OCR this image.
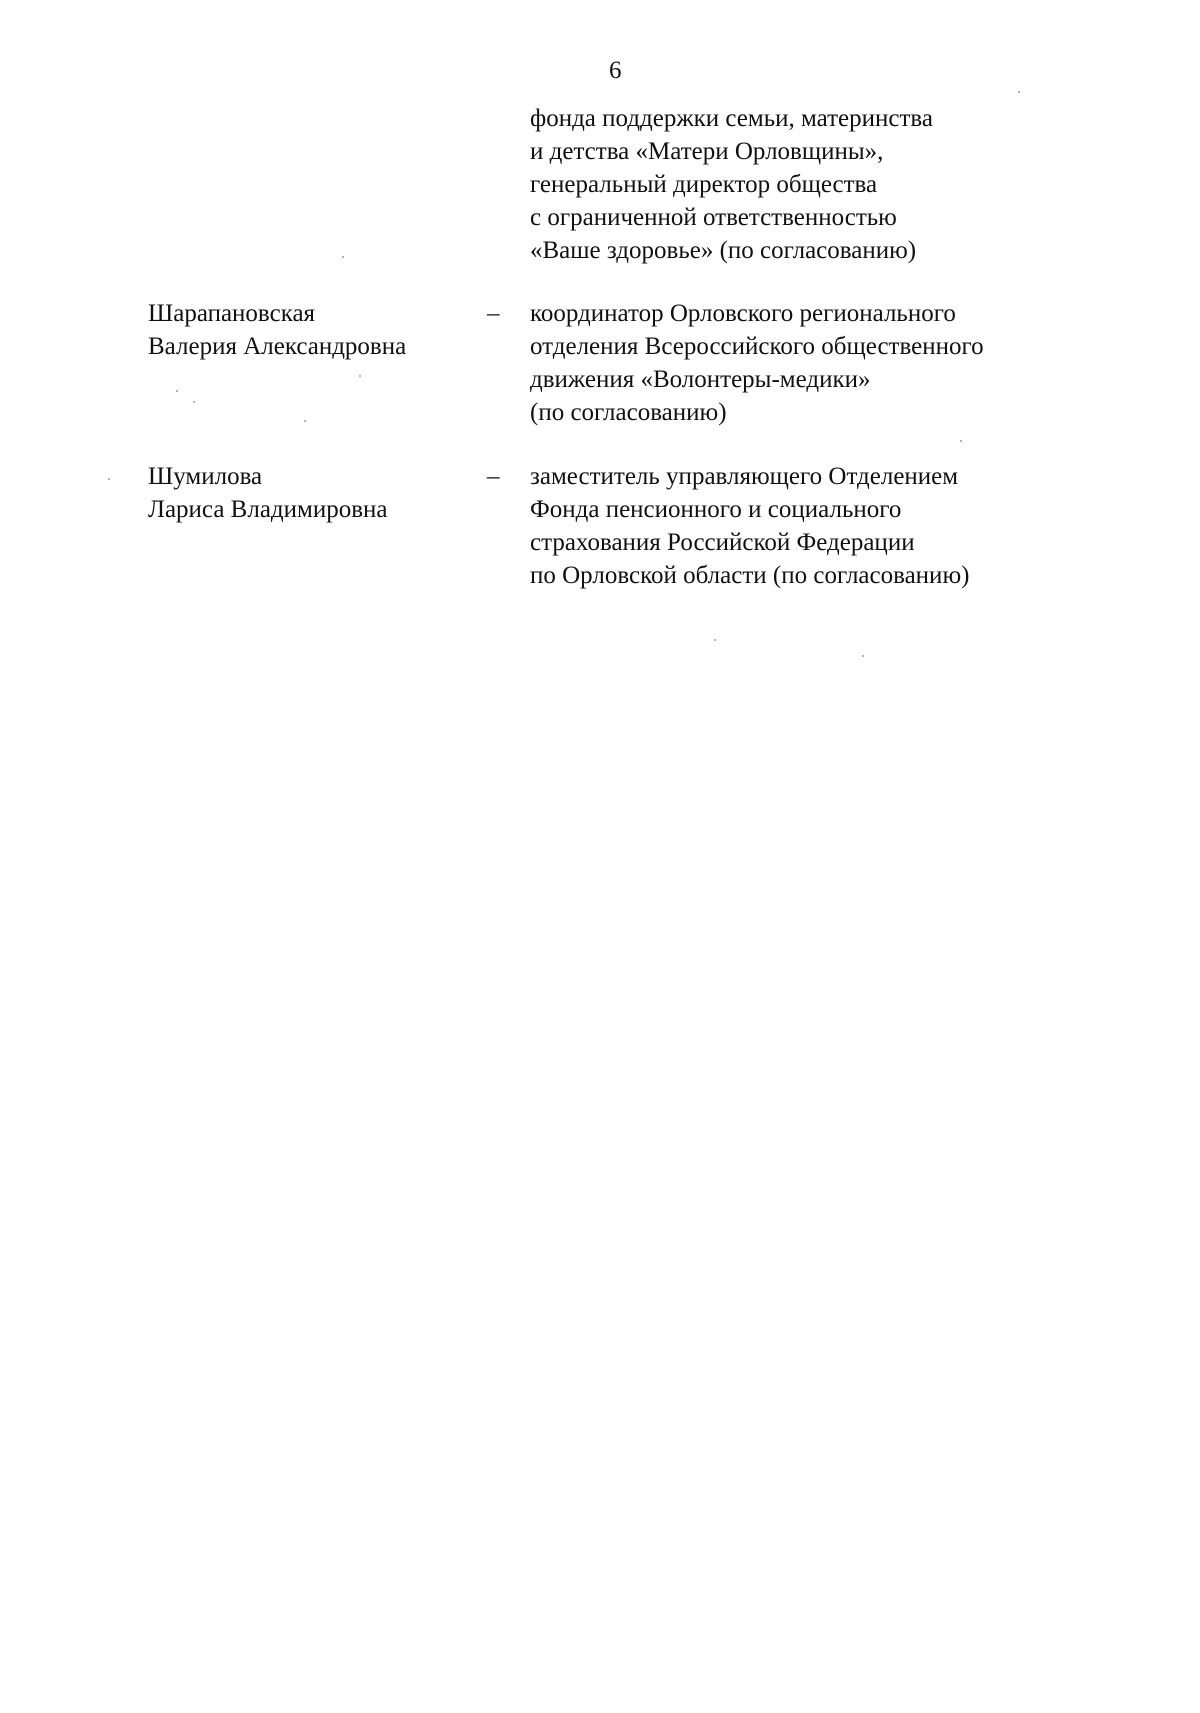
6
фонда поддержки семьи, материнства
и детства «Матери Орловщины»,
генеральный директор общества
с ограниченной ответственностью
«Ваше здоровье» (по согласованию)
Шарапановская
Валерия Александровна
– координатор Орловского регионального
отделения Всероссийского общественного
движения «Волонтеры-медики»
(по согласованию)
Шумилова
Лариса Владимировна
– заместитель управляющего Отделением
Фонда пенсионного и социального
страхования Российской Федерации
по Орловской области (по согласованию)
